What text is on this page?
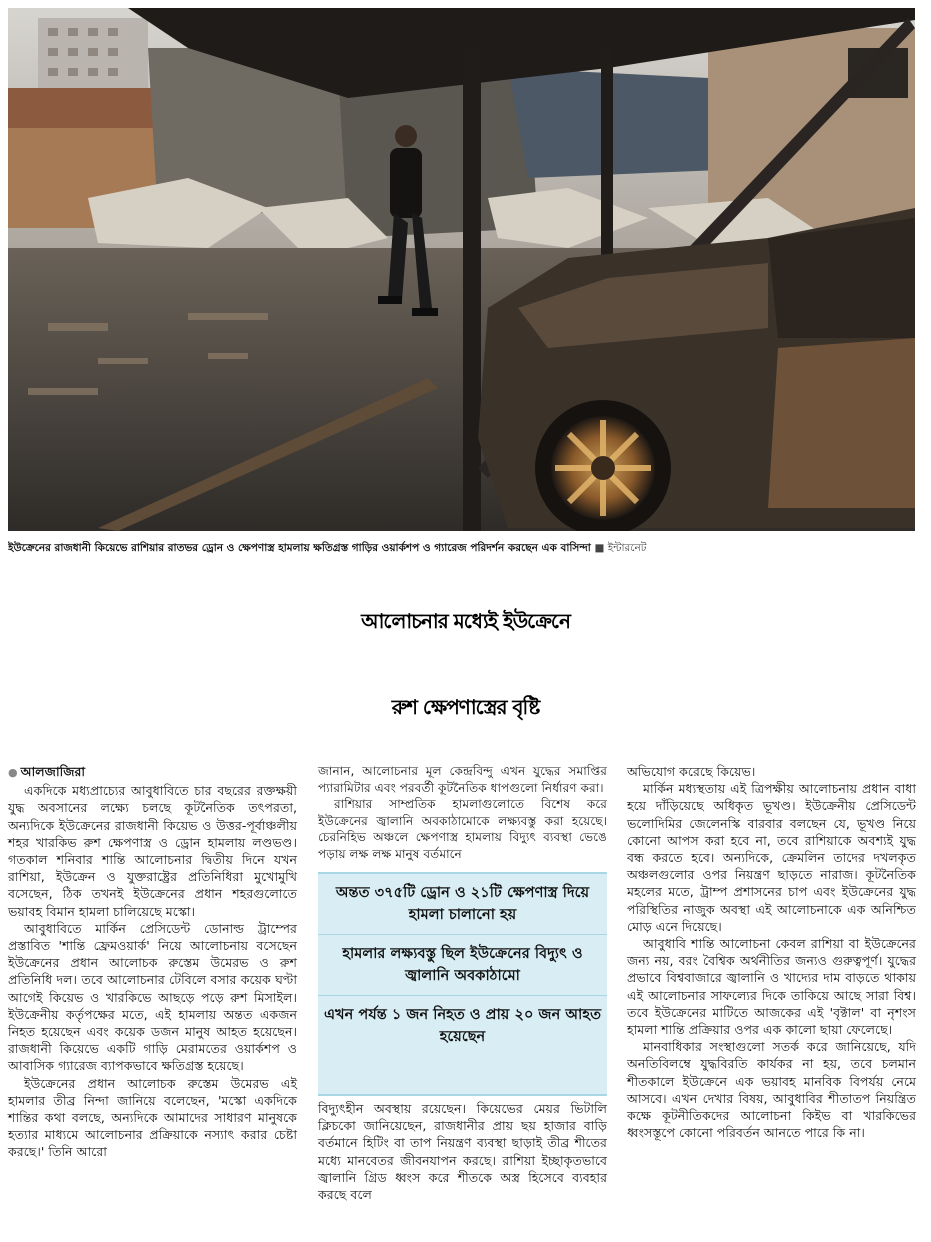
ইউক্রেনের রাজধানী কিয়েভে রাশিয়ার রাতভর ড্রোন ও ক্ষেপণাস্ত্র হামলায় ক্ষতিগ্রস্ত গাড়ির ওয়ার্কশপ ও গ্যারেজ পরিদর্শন করছেন এক বাসিন্দা ■ ইন্টারনেট
আলোচনার মধ্যেই ইউক্রেনে
রুশ ক্ষেপণাস্ত্রের বৃষ্টি
● আলজাজিরা

একদিকে মধ্যপ্রাচ্যের আবুধাবিতে চার বছরের রক্তক্ষয়ী যুদ্ধ অবসানের লক্ষ্যে চলছে কূটনৈতিক তৎপরতা, অন্যদিকে ইউক্রেনের রাজধানী কিয়েভ ও উত্তর-পূর্বাঞ্চলীয় শহর খারকিভ রুশ ক্ষেপণাস্ত্র ও ড্রোন হামলায় লণ্ডভণ্ড। গতকাল শনিবার শান্তি আলোচনার দ্বিতীয় দিনে যখন রাশিয়া, ইউক্রেন ও যুক্তরাষ্ট্রের প্রতিনিধিরা মুখোমুখি বসেছেন, ঠিক তখনই ইউক্রেনের প্রধান শহরগুলোতে ভয়াবহ বিমান হামলা চালিয়েছে মস্কো।

আবুধাবিতে মার্কিন প্রেসিডেন্ট ডোনাল্ড ট্রাম্পের প্রস্তাবিত 'শান্তি ফ্রেমওয়ার্ক' নিয়ে আলোচনায় বসেছেন ইউক্রেনের প্রধান আলোচক রুস্তেম উমেরভ ও রুশ প্রতিনিধি দল। তবে আলোচনার টেবিলে বসার কয়েক ঘণ্টা আগেই কিয়েভ ও খারকিভে আছড়ে পড়ে রুশ মিসাইল। ইউক্রেনীয় কর্তৃপক্ষের মতে, এই হামলায় অন্তত একজন নিহত হয়েছেন এবং কয়েক ডজন মানুষ আহত হয়েছেন। রাজধানী কিয়েভে একটি গাড়ি মেরামতের ওয়ার্কশপ ও আবাসিক গ্যারেজ ব্যাপকভাবে ক্ষতিগ্রস্ত হয়েছে।

ইউক্রেনের প্রধান আলোচক রুস্তেম উমেরভ এই হামলার তীব্র নিন্দা জানিয়ে বলেছেন, 'মস্কো একদিকে শান্তির কথা বলছে, অন্যদিকে আমাদের সাধারণ মানুষকে হত্যার মাধ্যমে আলোচনার প্রক্রিয়াকে নস্যাৎ করার চেষ্টা করছে।' তিনি আরো

জানান, আলোচনার মূল কেন্দ্রবিন্দু এখন যুদ্ধের সমাপ্তির প্যারামিটার এবং পরবর্তী কূটনৈতিক ধাপগুলো নির্ধারণ করা।

রাশিয়ার সাম্প্রতিক হামলাগুলোতে বিশেষ করে ইউক্রেনের জ্বালানি অবকাঠামোকে লক্ষ্যবস্তু করা হয়েছে। চেরনিহিভ অঞ্চলে ক্ষেপণাস্ত্র হামলায় বিদ্যুৎ ব্যবস্থা ভেঙে পড়ায় লক্ষ লক্ষ মানুষ বর্তমানে

অন্তত ৩৭৫টি ড্রোন ও ২১টি ক্ষেপণাস্ত্র দিয়ে হামলা চালানো হয়
হামলার লক্ষ্যবস্তু ছিল ইউক্রেনের বিদ্যুৎ ও জ্বালানি অবকাঠামো
এখন পর্যন্ত ১ জন নিহত ও প্রায় ২০ জন আহত হয়েছেন

বিদ্যুৎহীন অবস্থায় রয়েছেন। কিয়েভের মেয়র ভিটালি ক্লিচকো জানিয়েছেন, রাজধানীর প্রায় ছয় হাজার বাড়ি বর্তমানে হিটিং বা তাপ নিয়ন্ত্রণ ব্যবস্থা ছাড়াই তীব্র শীতের মধ্যে মানবেতর জীবনযাপন করছে। রাশিয়া ইচ্ছাকৃতভাবে জ্বালানি গ্রিড ধ্বংস করে শীতকে অস্ত্র হিসেবে ব্যবহার করছে বলে

অভিযোগ করেছে কিয়েভ।

মার্কিন মধ্যস্থতায় এই ত্রিপক্ষীয় আলোচনায় প্রধান বাধা হয়ে দাঁড়িয়েছে অধিকৃত ভূখণ্ড। ইউক্রেনীয় প্রেসিডেন্ট ভলোদিমির জেলেনস্কি বারবার বলছেন যে, ভূখণ্ড নিয়ে কোনো আপস করা হবে না, তবে রাশিয়াকে অবশ্যই যুদ্ধ বন্ধ করতে হবে। অন্যদিকে, ক্রেমলিন তাদের দখলকৃত অঞ্চলগুলোর ওপর নিয়ন্ত্রণ ছাড়তে নারাজ। কূটনৈতিক মহলের মতে, ট্রাম্প প্রশাসনের চাপ এবং ইউক্রেনের যুদ্ধ পরিস্থিতির নাজুক অবস্থা এই আলোচনাকে এক অনিশ্চিত মোড় এনে দিয়েছে।

আবুধাবি শান্তি আলোচনা কেবল রাশিয়া বা ইউক্রেনের জন্য নয়, বরং বৈশ্বিক অর্থনীতির জন্যও গুরুত্বপূর্ণ। যুদ্ধের প্রভাবে বিশ্ববাজারে জ্বালানি ও খাদ্যের দাম বাড়তে থাকায় এই আলোচনার সাফল্যের দিকে তাকিয়ে আছে সারা বিশ্ব। তবে ইউক্রেনের মাটিতে আজকের এই 'বৃক্টাল' বা নৃশংস হামলা শান্তি প্রক্রিয়ার ওপর এক কালো ছায়া ফেলেছে।

মানবাধিকার সংস্থাগুলো সতর্ক করে জানিয়েছে, যদি অনতিবিলম্বে যুদ্ধবিরতি কার্যকর না হয়, তবে চলমান শীতকালে ইউক্রেনে এক ভয়াবহ মানবিক বিপর্যয় নেমে আসবে। এখন দেখার বিষয়, আবুধাবির শীতাতপ নিয়ন্ত্রিত কক্ষে কূটনীতিকদের আলোচনা কিইভ বা খারকিভের ধ্বংসস্তূপে কোনো পরিবর্তন আনতে পারে কি না।
